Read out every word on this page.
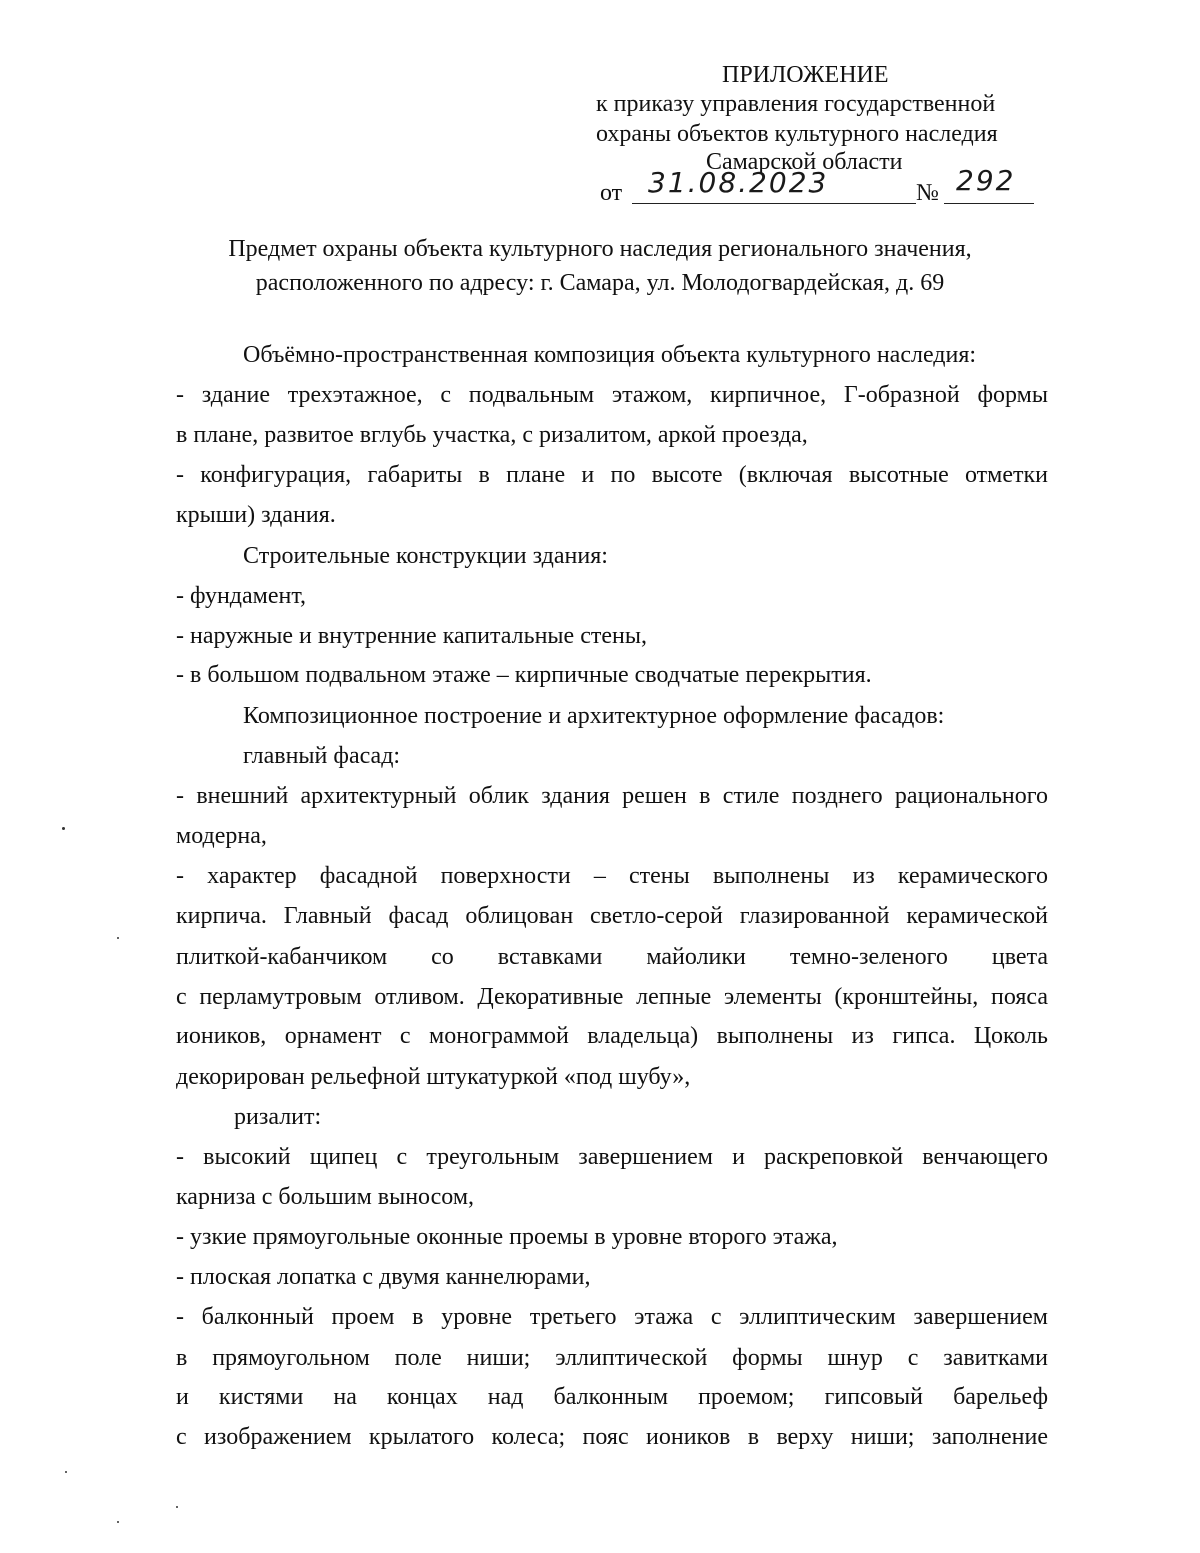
ПРИЛОЖЕНИЕ
к приказу управления государственной
охраны объектов культурного наследия
Самарской области
от 31.08.2023	№ 292
Предмет охраны объекта культурного наследия регионального значения,
расположенного по адресу: г. Самара, ул. Молодогвардейская, д. 69
Объёмно-пространственная композиция объекта культурного наследия:
- здание трехэтажное, с подвальным этажом, кирпичное, Г-образной формы
в плане, развитое вглубь участка, с ризалитом, аркой проезда,
- конфигурация, габариты в плане и по высоте (включая высотные отметки
крыши) здания.
Строительные конструкции здания:
- фундамент,
- наружные и внутренние капитальные стены,
- в большом подвальном этаже – кирпичные сводчатые перекрытия.
Композиционное построение и архитектурное оформление фасадов:
главный фасад:
- внешний архитектурный облик здания решен в стиле позднего рационального
модерна,
- характер фасадной поверхности – стены выполнены из керамического
кирпича. Главный фасад облицован светло-серой глазированной керамической
плиткой-кабанчиком со вставками майолики темно-зеленого цвета
с перламутровым отливом. Декоративные лепные элементы (кронштейны, пояса
иоников, орнамент с монограммой владельца) выполнены из гипса. Цоколь
декорирован рельефной штукатуркой «под шубу»,
ризалит:
- высокий щипец с треугольным завершением и раскреповкой венчающего
карниза с большим выносом,
- узкие прямоугольные оконные проемы в уровне второго этажа,
- плоская лопатка с двумя каннелюрами,
- балконный проем в уровне третьего этажа с эллиптическим завершением
в прямоугольном поле ниши; эллиптической формы шнур с завитками
и кистями на концах над балконным проемом; гипсовый барельеф
с изображением крылатого колеса; пояс иоников в верху ниши; заполнение
